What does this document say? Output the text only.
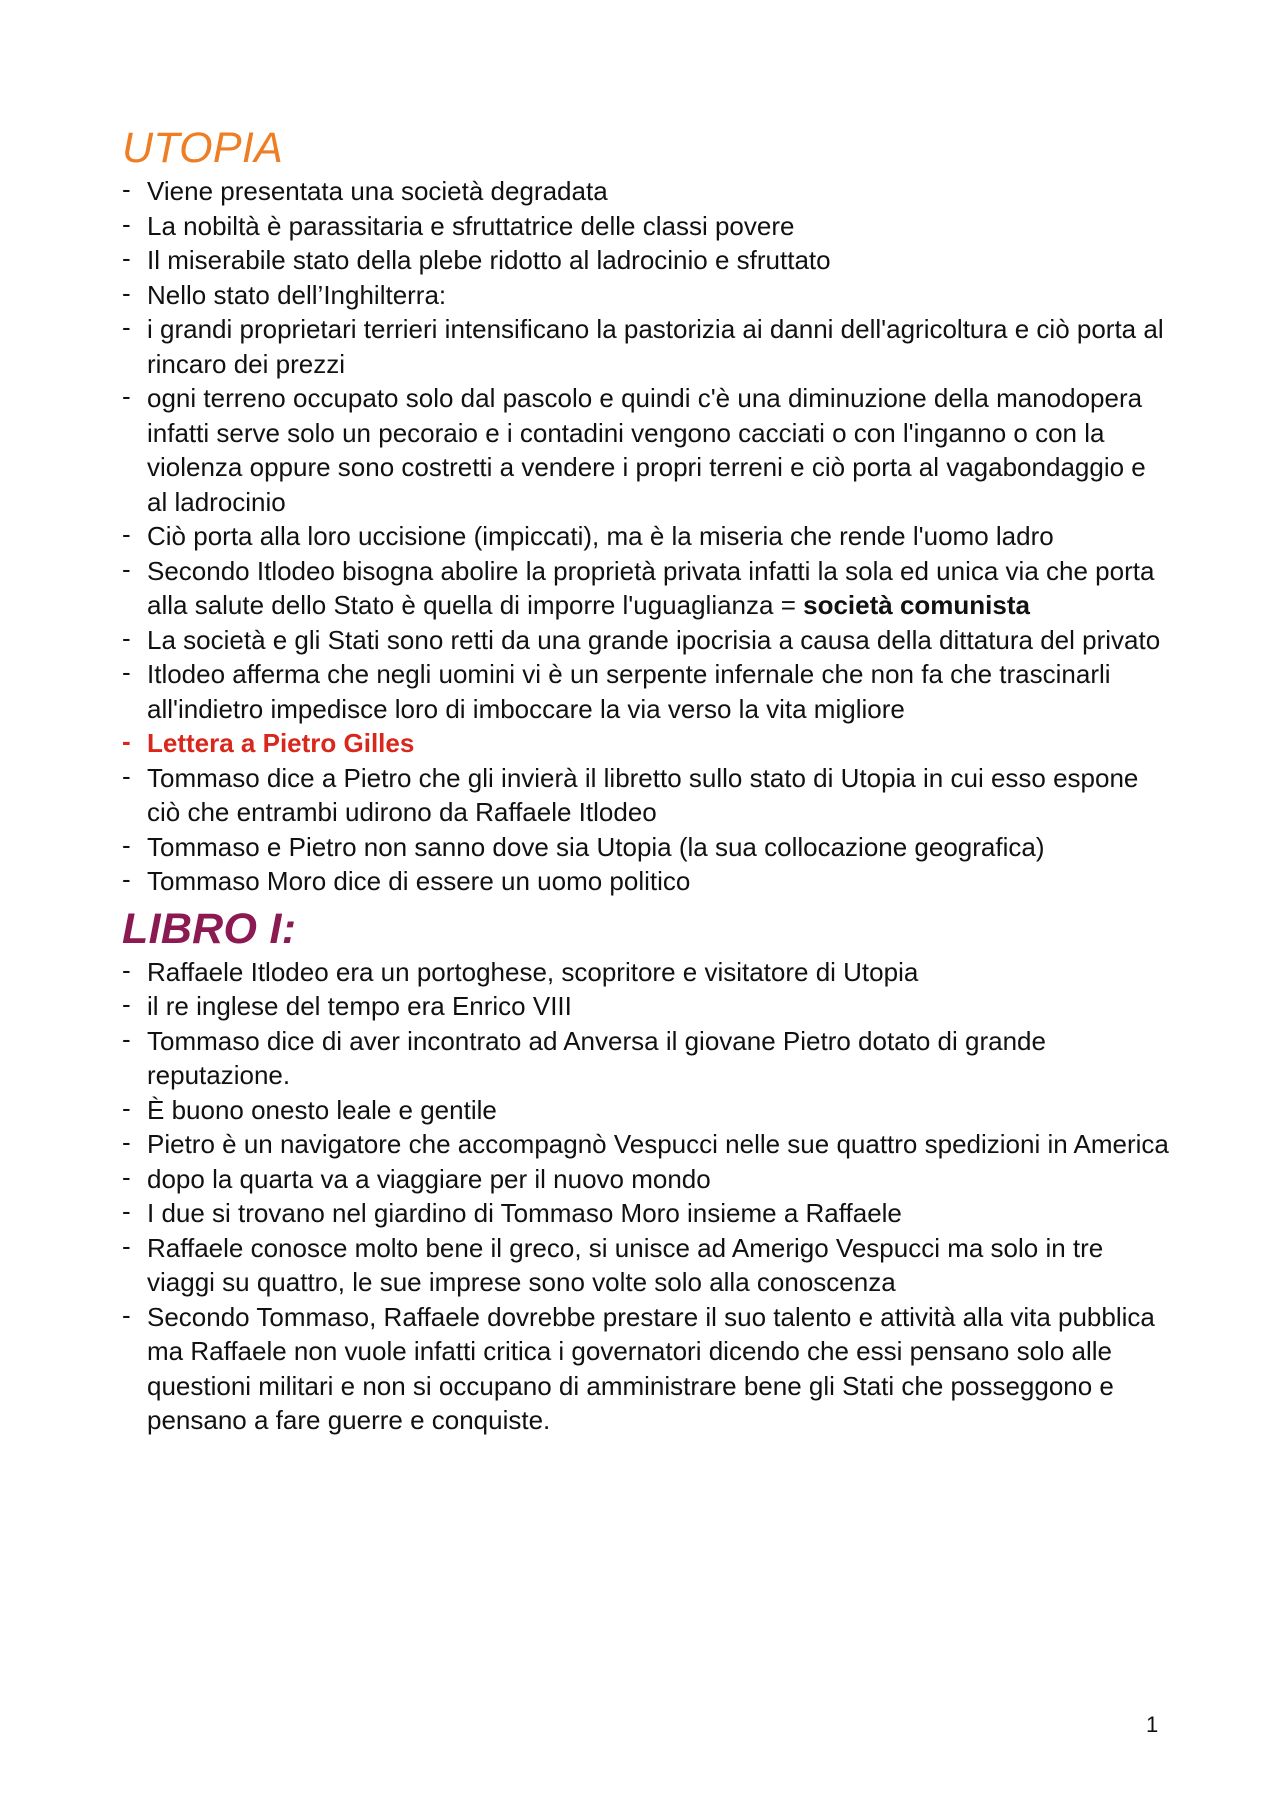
UTOPIA
- Viene presentata una società degradata
- La nobiltà è parassitaria e sfruttatrice delle classi povere
- Il miserabile stato della plebe ridotto al ladrocinio e sfruttato
- Nello stato dell’Inghilterra:
- i grandi proprietari terrieri intensificano la pastorizia ai danni dell'agricoltura e ciò porta al rincaro dei prezzi
- ogni terreno occupato solo dal pascolo e quindi c'è una diminuzione della manodopera infatti serve solo un pecoraio e i contadini vengono cacciati o con l'inganno o con la violenza oppure sono costretti a vendere i propri terreni e ciò porta al vagabondaggio e al ladrocinio
- Ciò porta alla loro uccisione (impiccati), ma è la miseria che rende l'uomo ladro
- Secondo Itlodeo bisogna abolire la proprietà privata infatti la sola ed unica via che porta alla salute dello Stato è quella di imporre l'uguaglianza = società comunista
- La società e gli Stati sono retti da una grande ipocrisia a causa della dittatura del privato
- Itlodeo afferma che negli uomini vi è un serpente infernale che non fa che trascinarli all'indietro impedisce loro di imboccare la via verso la vita migliore
- Lettera a Pietro Gilles
- Tommaso dice a Pietro che gli invierà il libretto sullo stato di Utopia in cui esso espone ciò che entrambi udirono da Raffaele Itlodeo
- Tommaso e Pietro non sanno dove sia Utopia (la sua collocazione geografica)
- Tommaso Moro dice di essere un uomo politico
LIBRO I:
- Raffaele Itlodeo era un portoghese, scopritore e visitatore di Utopia
- il re inglese del tempo era Enrico VIII
- Tommaso dice di aver incontrato ad Anversa il giovane Pietro dotato di grande reputazione.
- È buono onesto leale e gentile
- Pietro è un navigatore che accompagnò Vespucci nelle sue quattro spedizioni in America
- dopo la quarta va a viaggiare per il nuovo mondo
- I due si trovano nel giardino di Tommaso Moro insieme a Raffaele
- Raffaele conosce molto bene il greco, si unisce ad Amerigo Vespucci ma solo in tre viaggi su quattro, le sue imprese sono volte solo alla conoscenza
- Secondo Tommaso, Raffaele dovrebbe prestare il suo talento e attività alla vita pubblica ma Raffaele non vuole infatti critica i governatori dicendo che essi pensano solo alle questioni militari e non si occupano di amministrare bene gli Stati che posseggono e pensano a fare guerre e conquiste.
1
